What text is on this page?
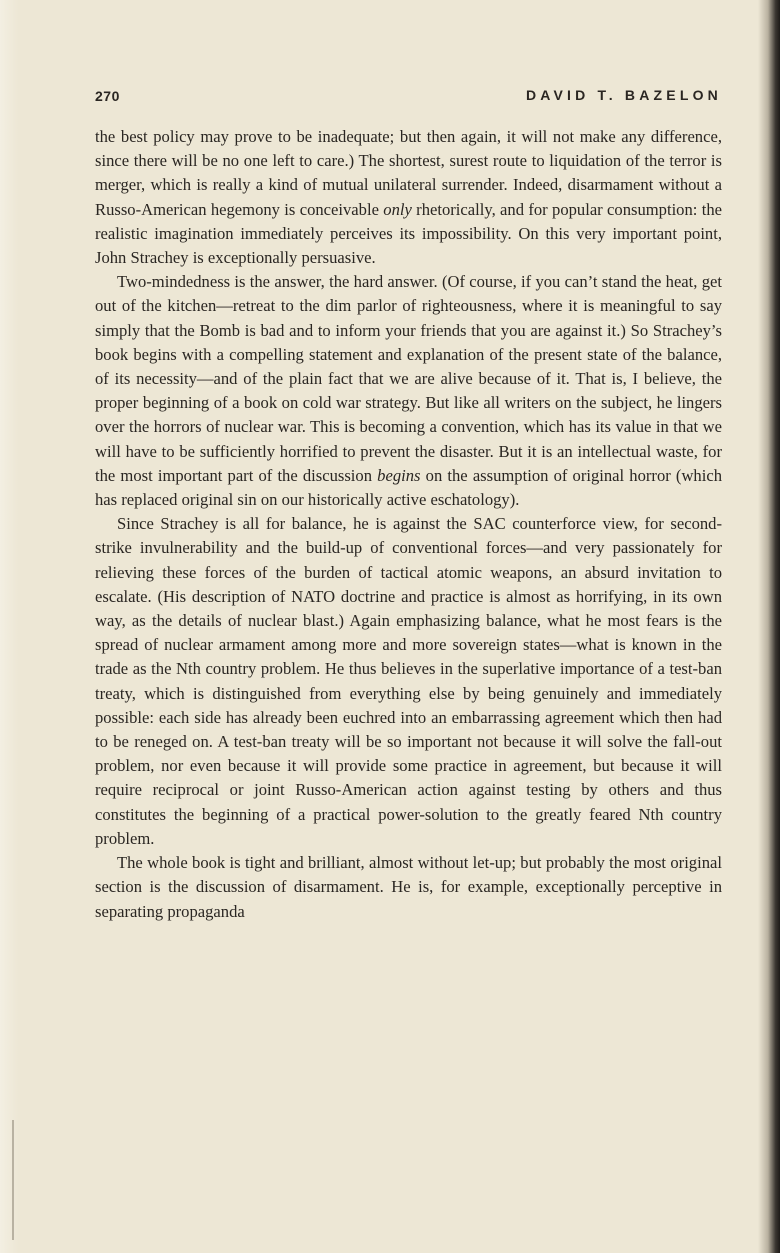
270	DAVID T. BAZELON

the best policy may prove to be inadequate; but then again, it will not make any difference, since there will be no one left to care.) The shortest, surest route to liquidation of the terror is merger, which is really a kind of mutual unilateral surrender. Indeed, disarmament without a Russo-American hegemony is conceivable only rhetorically, and for popular consumption: the realistic imagination immediately perceives its impossibility. On this very important point, John Strachey is exceptionally persuasive.

Two-mindedness is the answer, the hard answer. (Of course, if you can’t stand the heat, get out of the kitchen—retreat to the dim parlor of righteousness, where it is meaningful to say simply that the Bomb is bad and to inform your friends that you are against it.) So Strachey’s book begins with a compelling statement and explanation of the present state of the balance, of its necessity—and of the plain fact that we are alive because of it. That is, I believe, the proper beginning of a book on cold war strategy. But like all writers on the subject, he lingers over the horrors of nuclear war. This is becoming a convention, which has its value in that we will have to be sufficiently horrified to prevent the disaster. But it is an intellectual waste, for the most important part of the discussion begins on the assumption of original horror (which has replaced original sin on our historically active eschatology).

Since Strachey is all for balance, he is against the SAC counterforce view, for second-strike invulnerability and the build-up of conventional forces—and very passionately for relieving these forces of the burden of tactical atomic weapons, an absurd invitation to escalate. (His description of NATO doctrine and practice is almost as horrifying, in its own way, as the details of nuclear blast.) Again emphasizing balance, what he most fears is the spread of nuclear armament among more and more sovereign states—what is known in the trade as the Nth country problem. He thus believes in the superlative importance of a test-ban treaty, which is distinguished from everything else by being genuinely and immediately possible: each side has already been euchred into an embarrassing agreement which then had to be reneged on. A test-ban treaty will be so important not because it will solve the fall-out problem, nor even because it will provide some practice in agreement, but because it will require reciprocal or joint Russo-American action against testing by others and thus constitutes the beginning of a practical power-solution to the greatly feared Nth country problem.

The whole book is tight and brilliant, almost without let-up; but probably the most original section is the discussion of disarmament. He is, for example, exceptionally perceptive in separating propaganda
